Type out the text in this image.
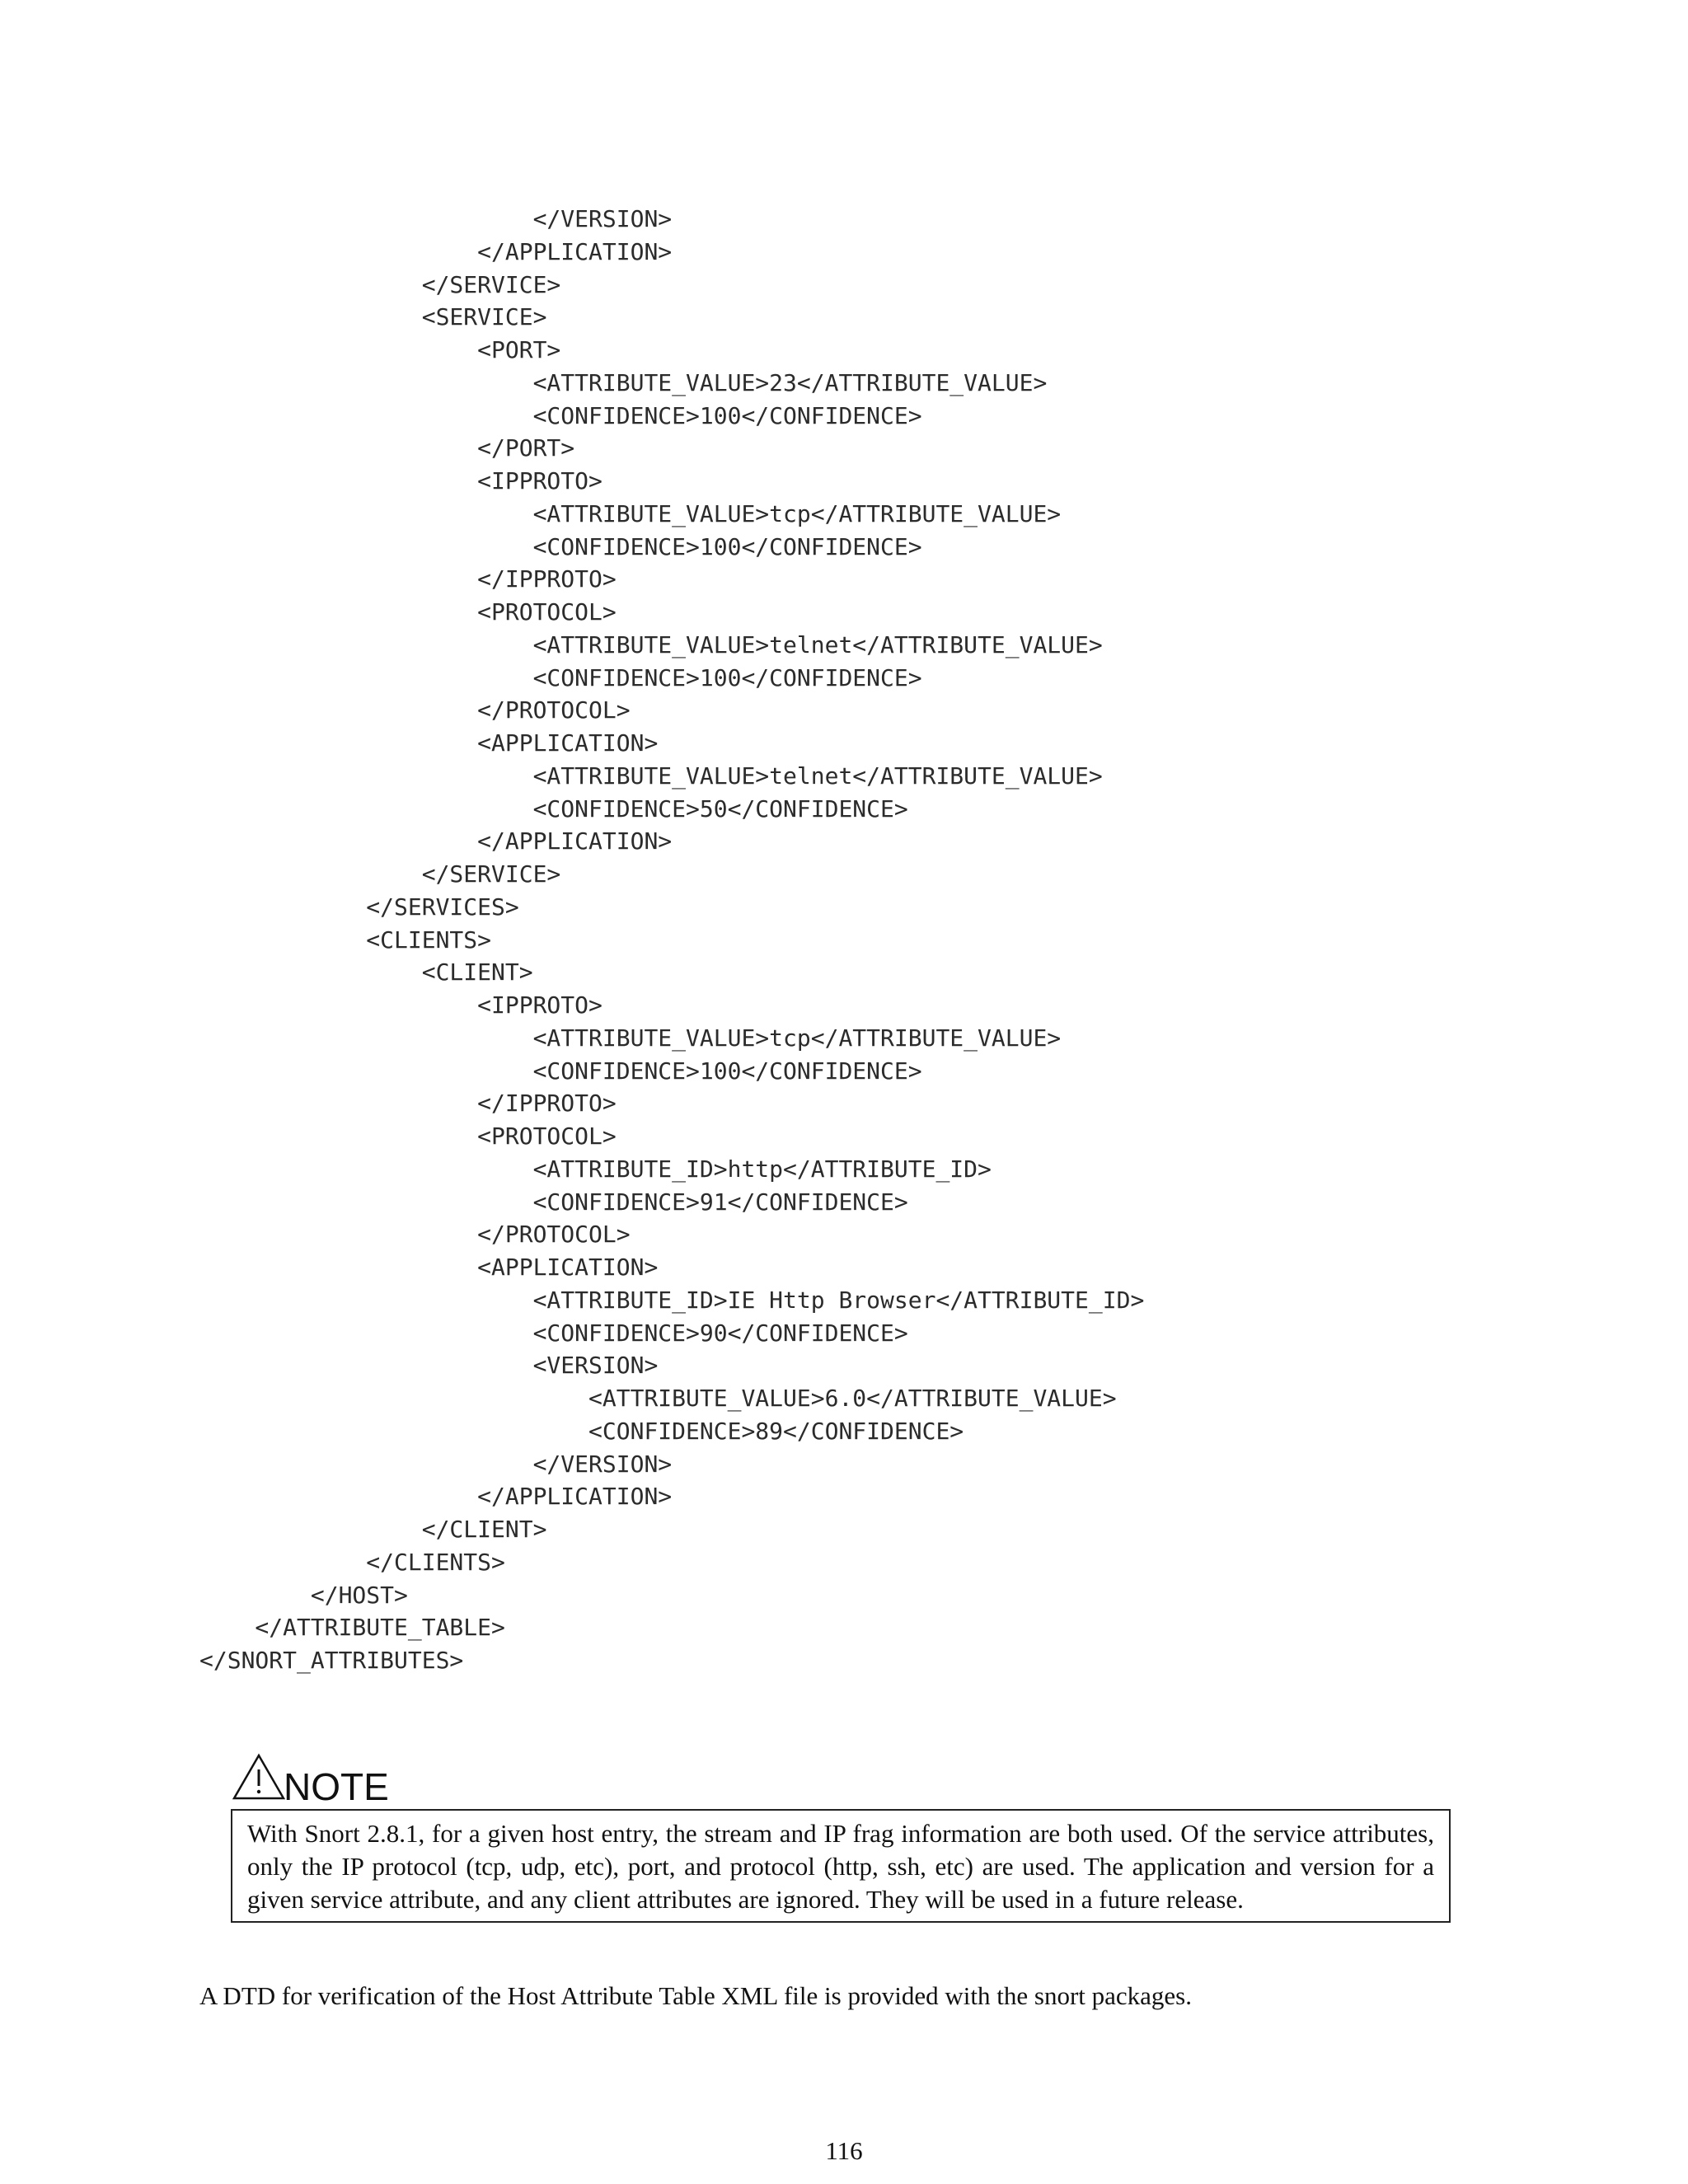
</VERSION>
</APPLICATION>
</SERVICE>
<SERVICE>
<PORT>
<ATTRIBUTE_VALUE>23</ATTRIBUTE_VALUE>
<CONFIDENCE>100</CONFIDENCE>
</PORT>
<IPPROTO>
<ATTRIBUTE_VALUE>tcp</ATTRIBUTE_VALUE>
<CONFIDENCE>100</CONFIDENCE>
</IPPROTO>
<PROTOCOL>
<ATTRIBUTE_VALUE>telnet</ATTRIBUTE_VALUE>
<CONFIDENCE>100</CONFIDENCE>
</PROTOCOL>
<APPLICATION>
<ATTRIBUTE_VALUE>telnet</ATTRIBUTE_VALUE>
<CONFIDENCE>50</CONFIDENCE>
</APPLICATION>
</SERVICE>
</SERVICES>
<CLIENTS>
<CLIENT>
<IPPROTO>
<ATTRIBUTE_VALUE>tcp</ATTRIBUTE_VALUE>
<CONFIDENCE>100</CONFIDENCE>
</IPPROTO>
<PROTOCOL>
<ATTRIBUTE_ID>http</ATTRIBUTE_ID>
<CONFIDENCE>91</CONFIDENCE>
</PROTOCOL>
<APPLICATION>
<ATTRIBUTE_ID>IE Http Browser</ATTRIBUTE_ID>
<CONFIDENCE>90</CONFIDENCE>
<VERSION>
<ATTRIBUTE_VALUE>6.0</ATTRIBUTE_VALUE>
<CONFIDENCE>89</CONFIDENCE>
</VERSION>
</APPLICATION>
</CLIENT>
</CLIENTS>
</HOST>
</ATTRIBUTE_TABLE>
</SNORT_ATTRIBUTES>
NOTE
With Snort 2.8.1, for a given host entry, the stream and IP frag information are both used. Of the service attributes, only the IP protocol (tcp, udp, etc), port, and protocol (http, ssh, etc) are used. The application and version for a given service attribute, and any client attributes are ignored. They will be used in a future release.

A DTD for verification of the Host Attribute Table XML file is provided with the snort packages.

116
